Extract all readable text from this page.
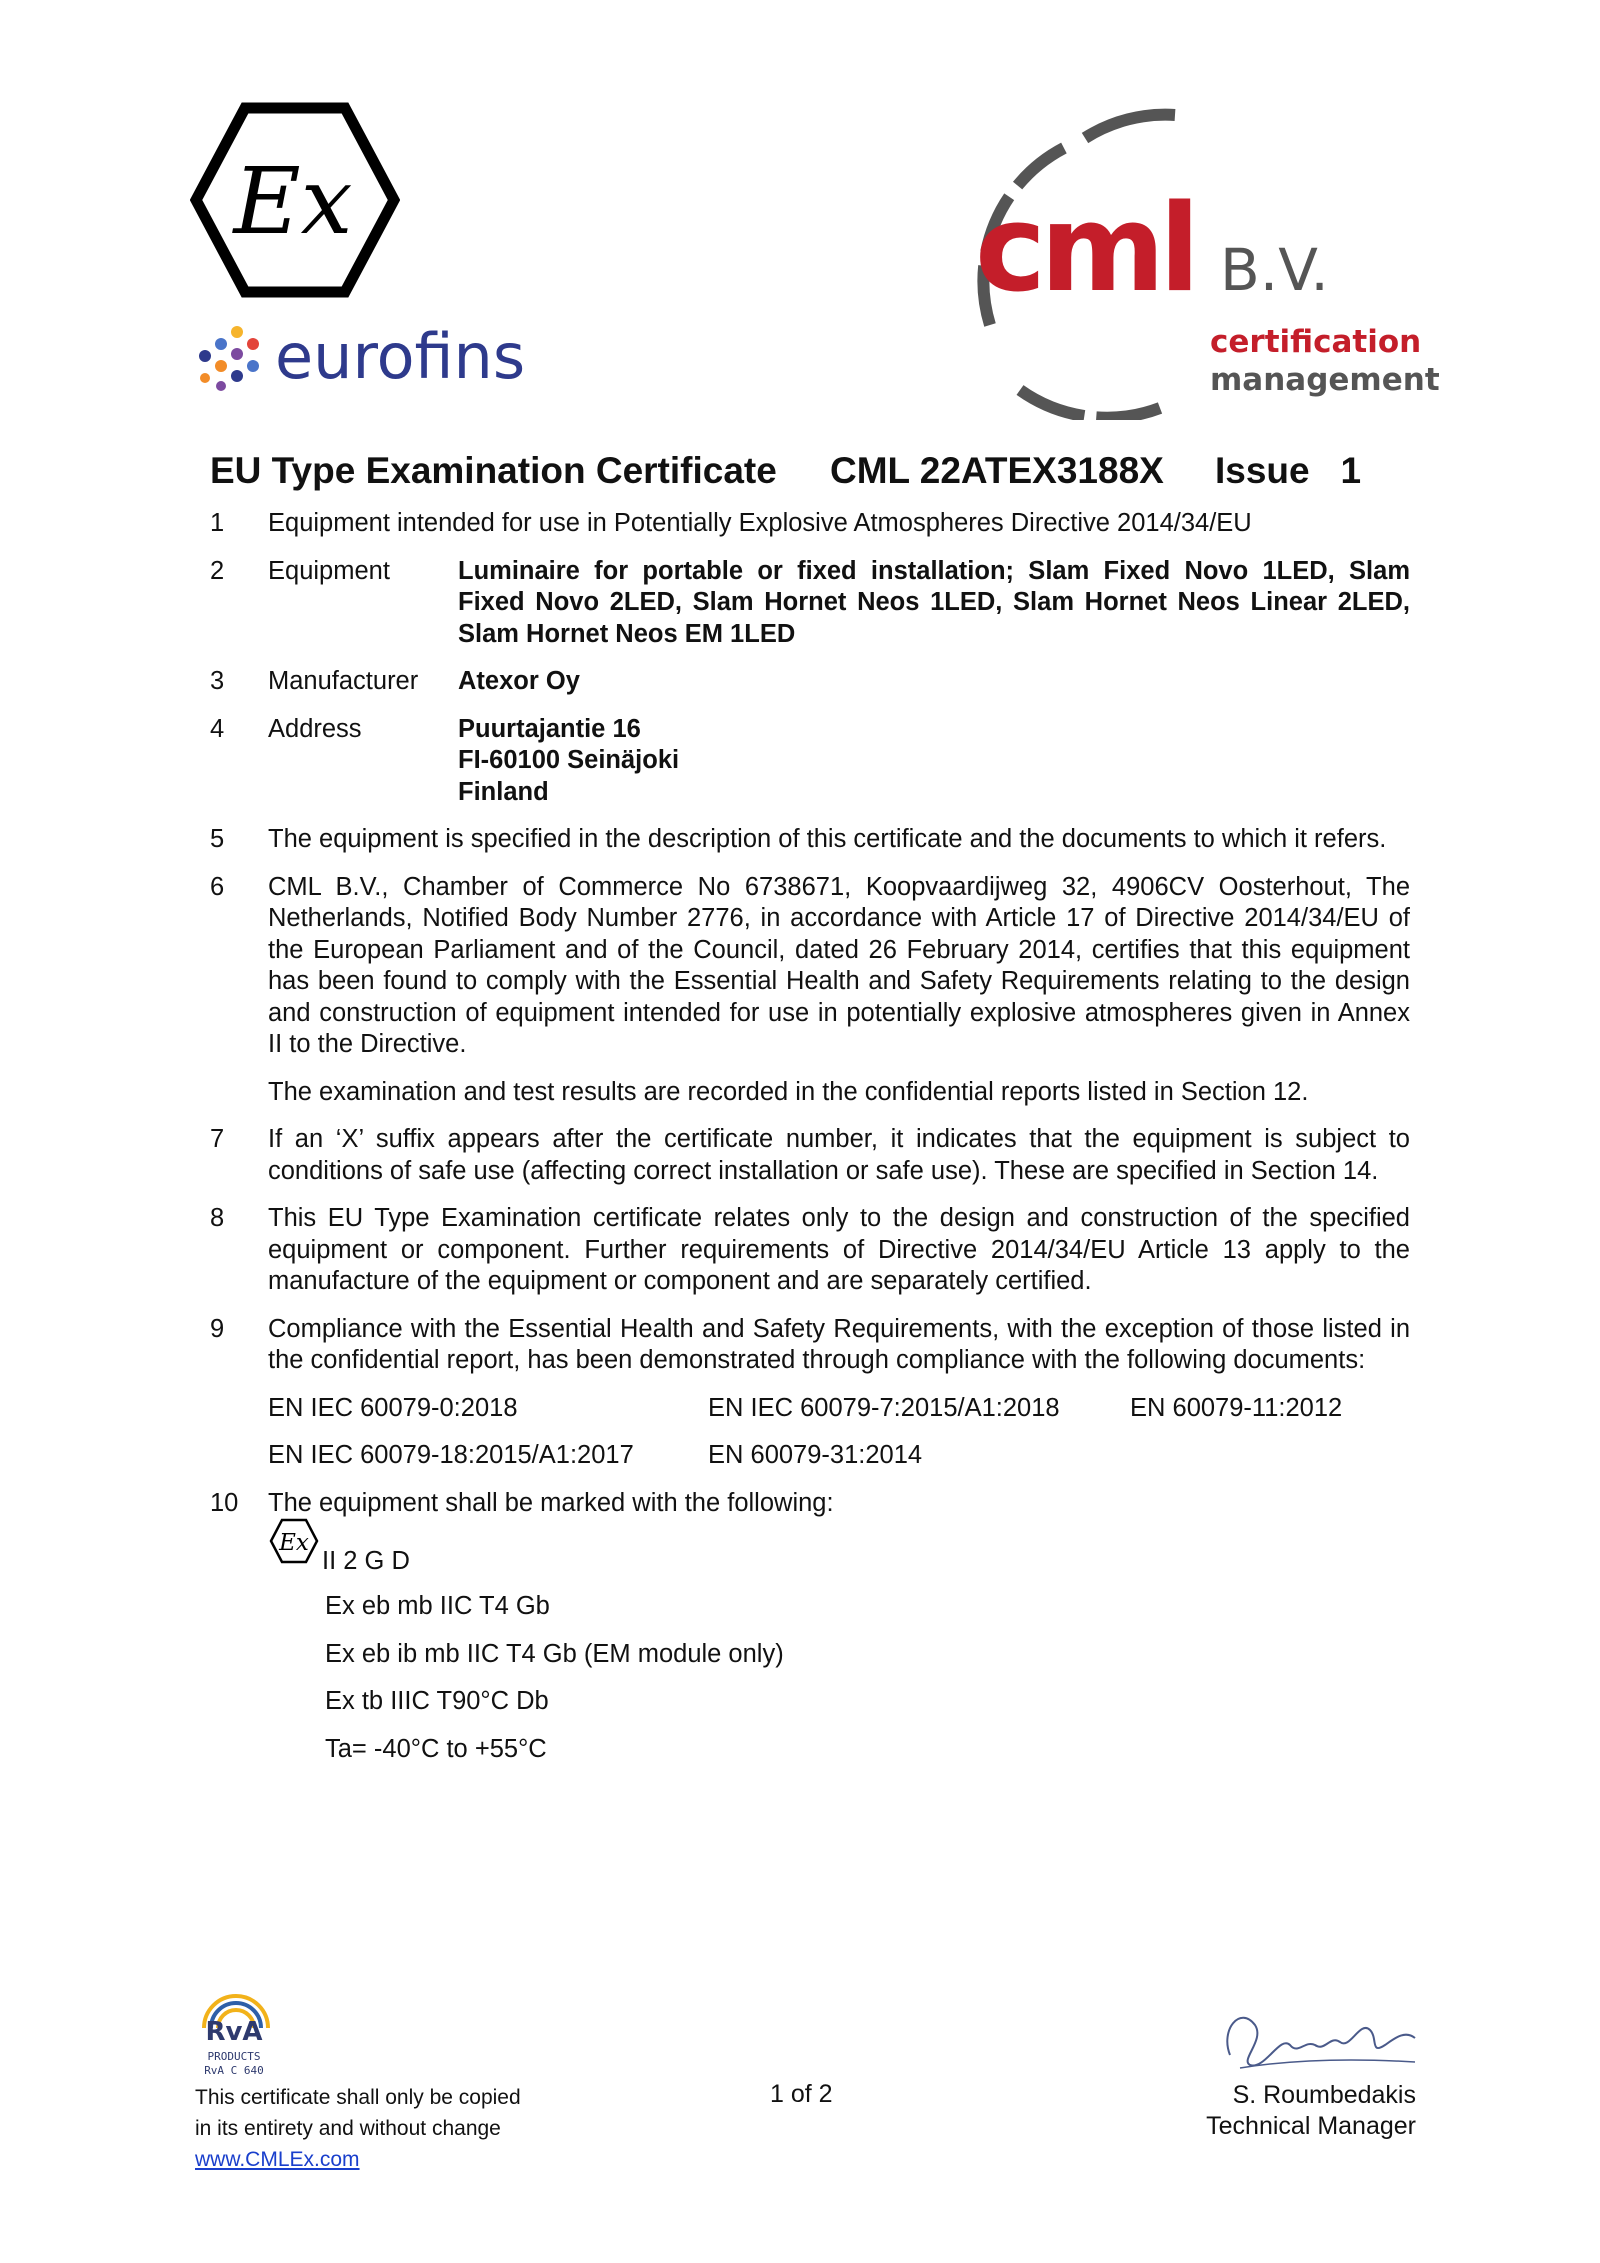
Ex
eurofins
cml B.V.
certification
management
EU Type Examination Certificate CML 22ATEX3188X Issue   1
1	Equipment intended for use in Potentially Explosive Atmospheres Directive 2014/34/EU
2	Equipment	Luminaire for portable or fixed installation; Slam Fixed Novo 1LED, Slam Fixed Novo 2LED, Slam Hornet Neos 1LED, Slam Hornet Neos Linear 2LED, Slam Hornet Neos EM 1LED
3	Manufacturer	Atexor Oy
4	Address	Puurtajantie 16
FI-60100 Seinäjoki
Finland
5	The equipment is specified in the description of this certificate and the documents to which it refers.
6	CML B.V., Chamber of Commerce No 6738671, Koopvaardijweg 32, 4906CV Oosterhout, The Netherlands, Notified Body Number 2776, in accordance with Article 17 of Directive 2014/34/EU of the European Parliament and of the Council, dated 26 February 2014, certifies that this equipment has been found to comply with the Essential Health and Safety Requirements relating to the design and construction of equipment intended for use in potentially explosive atmospheres given in Annex II to the Directive.
The examination and test results are recorded in the confidential reports listed in Section 12.
7	If an ‘X’ suffix appears after the certificate number, it indicates that the equipment is subject to conditions of safe use (affecting correct installation or safe use). These are specified in Section 14.
8	This EU Type Examination certificate relates only to the design and construction of the specified equipment or component. Further requirements of Directive 2014/34/EU Article 13 apply to the manufacture of the equipment or component and are separately certified.
9	Compliance with the Essential Health and Safety Requirements, with the exception of those listed in the confidential report, has been demonstrated through compliance with the following documents:
EN IEC 60079-0:2018	EN IEC 60079-7:2015/A1:2018	EN 60079-11:2012
EN IEC 60079-18:2015/A1:2017	EN 60079-31:2014
10	The equipment shall be marked with the following:
Ex
II 2 G D
Ex eb mb IIC T4 Gb
Ex eb ib mb IIC T4 Gb (EM module only)
Ex tb IIIC T90°C Db
Ta= -40°C to +55°C
RvA
PRODUCTS
RvA C 640
This certificate shall only be copied
in its entirety and without change
www.CMLEx.com
1 of 2	S. Roumbedakis
Technical Manager
